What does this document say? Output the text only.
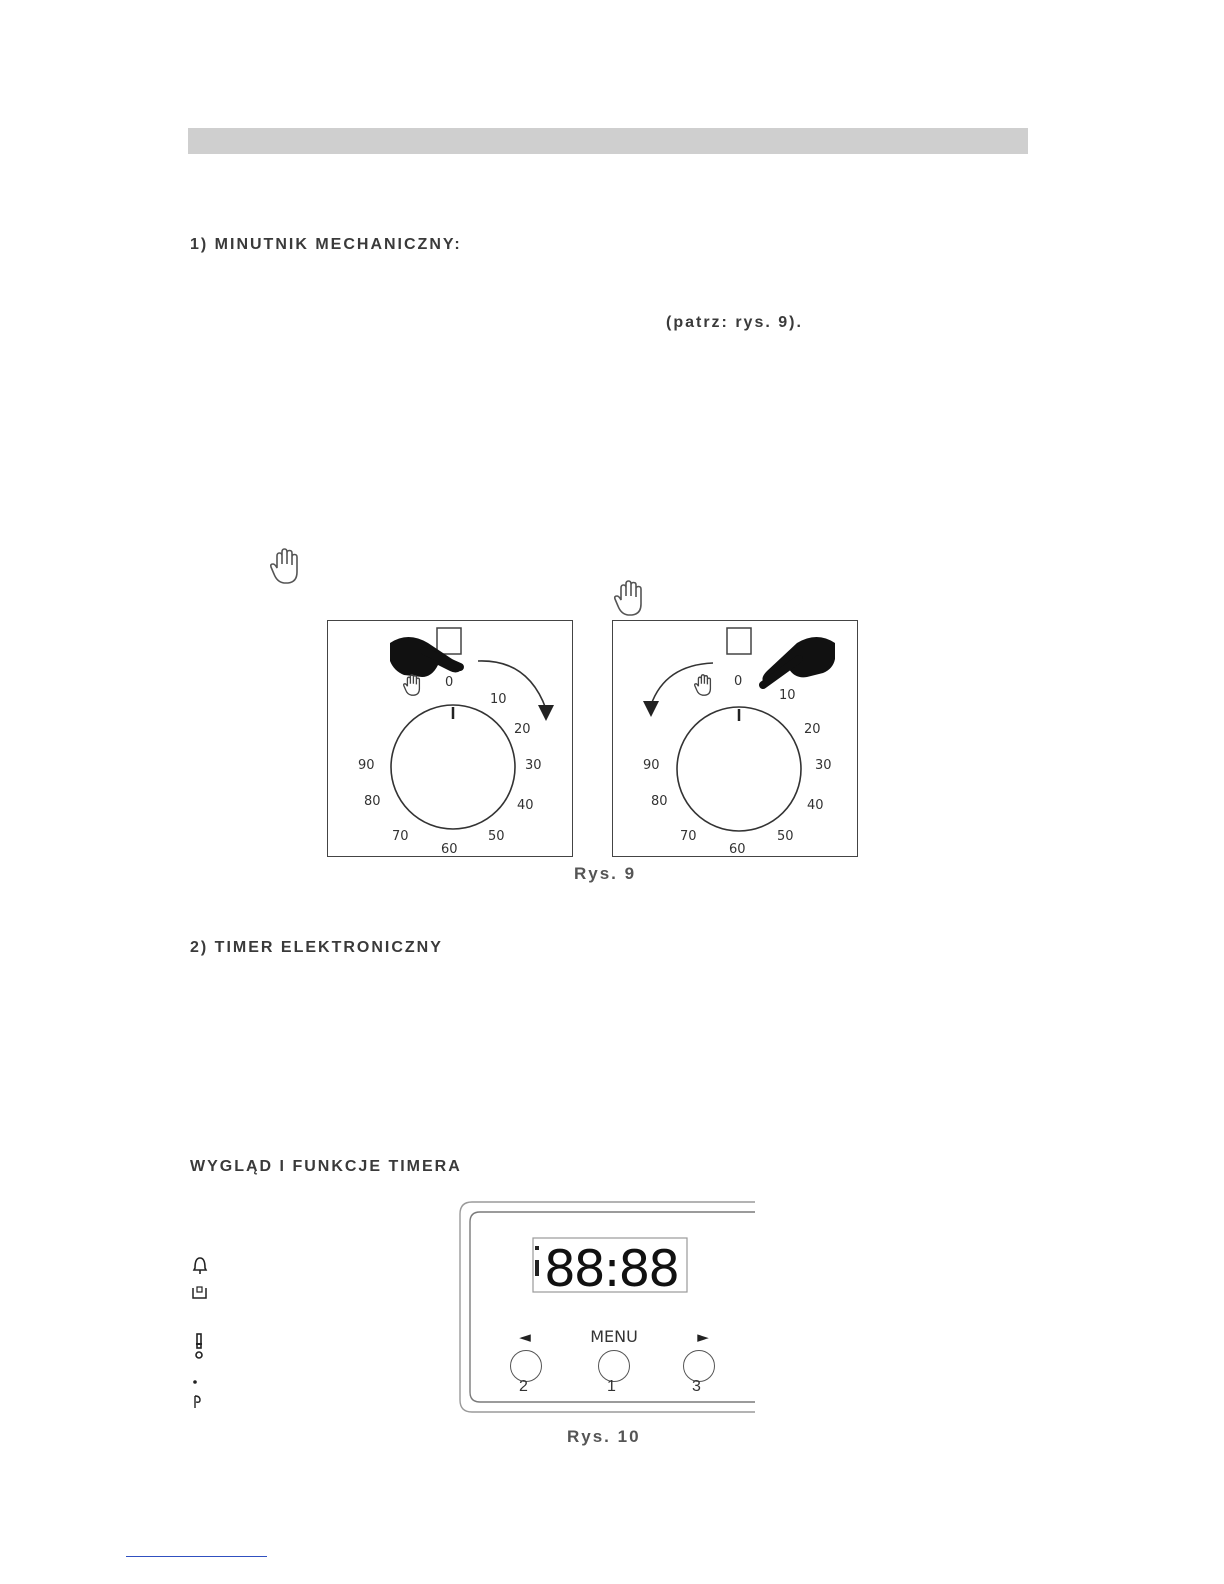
1) MINUTNIK MECHANICZNY:
(patrz: rys. 9).
0
10
20
30
40
50
60
70
80
90
0
10
20
30
40
50
60
70
80
90
Rys. 9
2) TIMER ELEKTRONICZNY
WYGLĄD I FUNKCJE TIMERA
88:88
►
◄	MENU
2	1	3
Rys. 10
